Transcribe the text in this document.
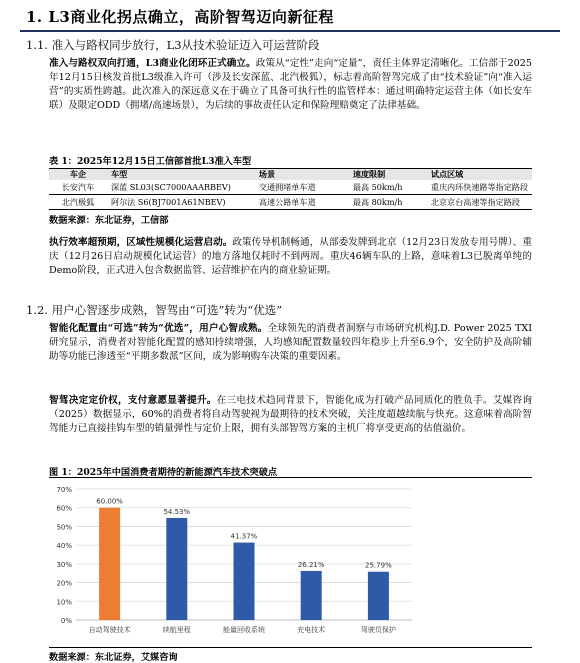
1. L3商业化拐点确立，高阶智驾迈向新征程
1.1. 准入与路权同步放行，L3从技术验证迈入可运营阶段
准入与路权双向打通，L3商业化闭环正式确立。政策从“定性”走向“定量”，责任主体界定清晰化。工信部于2025年12月15日核发首批L3级准入许可（涉及长安深蓝、北汽极狐），标志着高阶智驾完成了由“技术验证”向“准入运营”的实质性跨越。此次准入的深远意义在于确立了具备可执行性的监管样本：通过明确特定运营主体（如长安车联）及限定ODD（拥堵/高速场景），为后续的事故责任认定和保险理赔奠定了法律基础。
表 1：2025年12月15日工信部首批L3准入车型
车企	车型	场景	速度限制	试点区域
长安汽车	深蓝 SL03(SC7000AAARBEV)	交通拥堵单车道	最高 50km/h	重庆内环快速路等指定路段
北汽极狐	阿尔法 S6(BJ7001A61NBEV)	高速公路单车道	最高 80km/h	北京京台高速等指定路段
数据来源：东北证券，工信部
执行效率超预期，区域性规模化运营启动。政策传导机制畅通，从部委发牌到北京（12月23日发放专用号牌）、重庆（12月26日启动规模化试运营）的地方落地仅耗时不到两周。重庆46辆车队的上路，意味着L3已脱离单纯的Demo阶段，正式进入包含数据监管、运营维护在内的商业验证期。
1.2. 用户心智逐步成熟，智驾由“可选”转为“优选”
智能化配置由“可选”转为“优选”，用户心智成熟。全球领先的消费者洞察与市场研究机构J.D. Power 2025 TXI研究显示，消费者对智能化配置的感知持续增强，人均感知配置数量较四年稳步上升至6.9个，安全防护及高阶辅助等功能已渗透至“平期多数派”区间，成为影响购车决策的重要因素。
智驾决定定价权，支付意愿显著提升。在三电技术趋同背景下，智能化成为打破产品同质化的胜负手。艾媒咨询（2025）数据显示，60%的消费者将自动驾驶视为最期待的技术突破，关注度超越续航与快充。这意味着高阶智驾能力已直接挂钩车型的销量弹性与定价上限，拥有头部智驾方案的主机厂将享受更高的估值溢价。
图 1：2025年中国消费者期待的新能源汽车技术突破点
0%
10%
20%
30%
40%
50%
60%
70%
60.00%
自动驾驶技术
54.53%
续航里程
41.37%
能量回收系统
26.21%
充电技术
25.79%
驾驶员保护
数据来源：东北证券，艾媒咨询
